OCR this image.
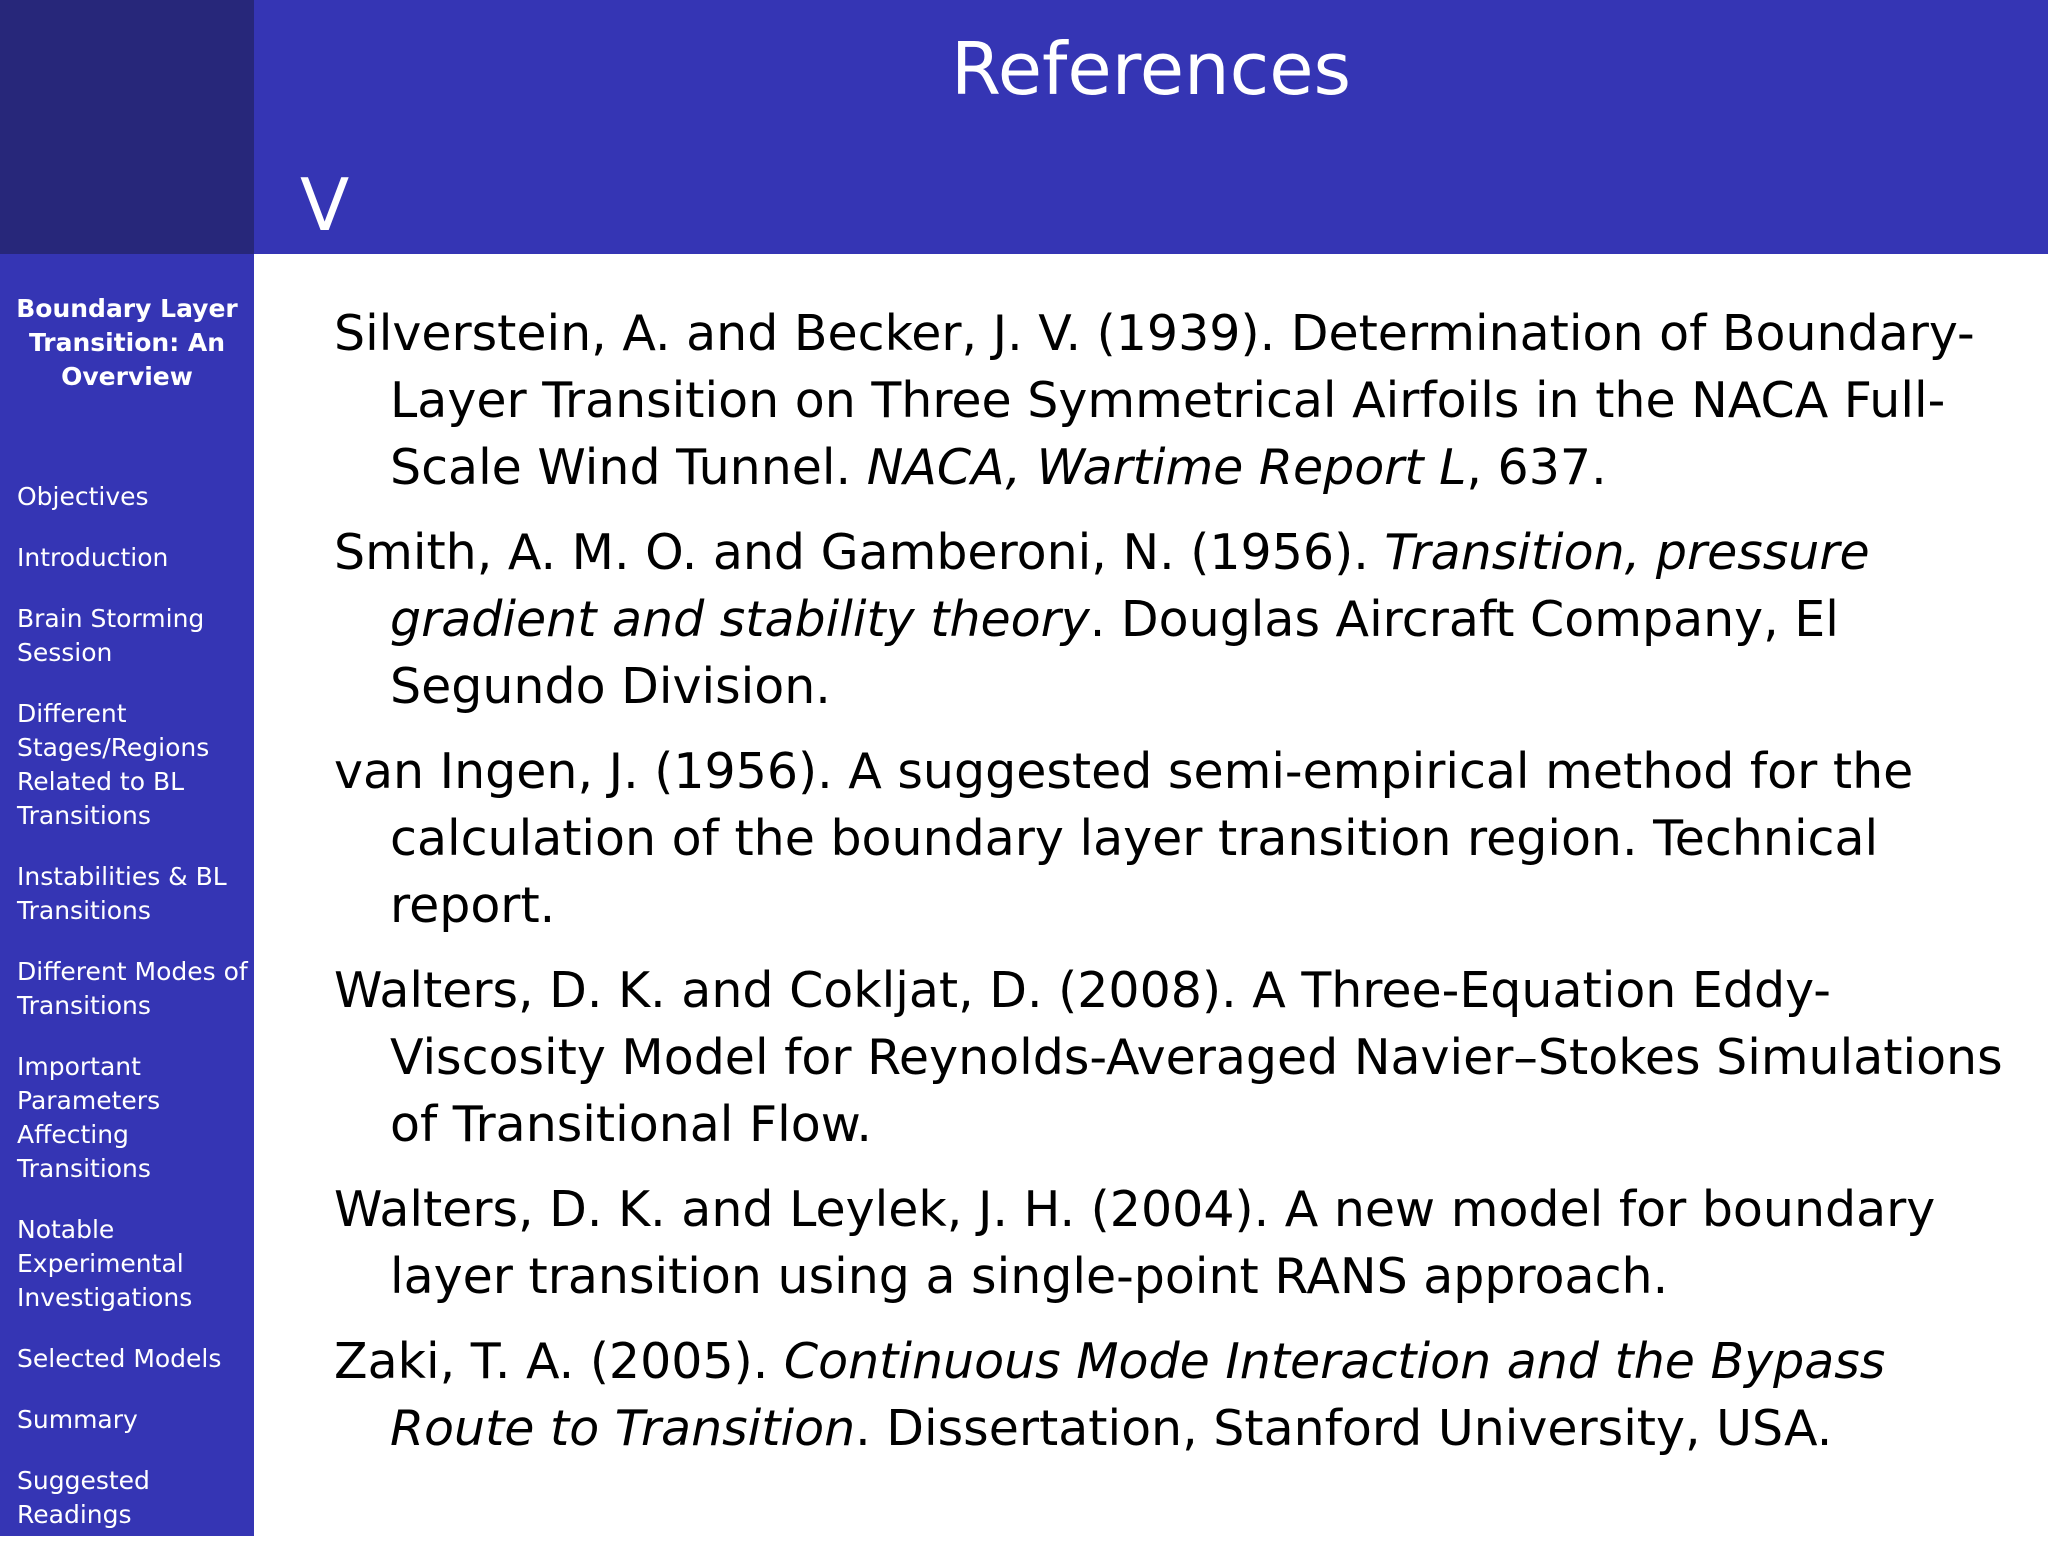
References
V
Boundary Layer Transition: An Overview
Objectives
Introduction
Brain Storming Session
Different Stages/Regions Related to BL Transitions
Instabilities & BL Transitions
Different Modes of Transitions
Important Parameters Affecting Transitions
Notable Experimental Investigations
Selected Models
Summary
Suggested Readings
Silverstein, A. and Becker, J. V. (1939). Determination of Boundary-Layer Transition on Three Symmetrical Airfoils in the NACA Full-Scale Wind Tunnel. NACA, Wartime Report L, 637.
Smith, A. M. O. and Gamberoni, N. (1956). Transition, pressure gradient and stability theory. Douglas Aircraft Company, El Segundo Division.
van Ingen, J. (1956). A suggested semi-empirical method for the calculation of the boundary layer transition region. Technical report.
Walters, D. K. and Cokljat, D. (2008). A Three-Equation Eddy-Viscosity Model for Reynolds-Averaged Navier–Stokes Simulations of Transitional Flow.
Walters, D. K. and Leylek, J. H. (2004). A new model for boundary layer transition using a single-point RANS approach.
Zaki, T. A. (2005). Continuous Mode Interaction and the Bypass Route to Transition. Dissertation, Stanford University, USA.
